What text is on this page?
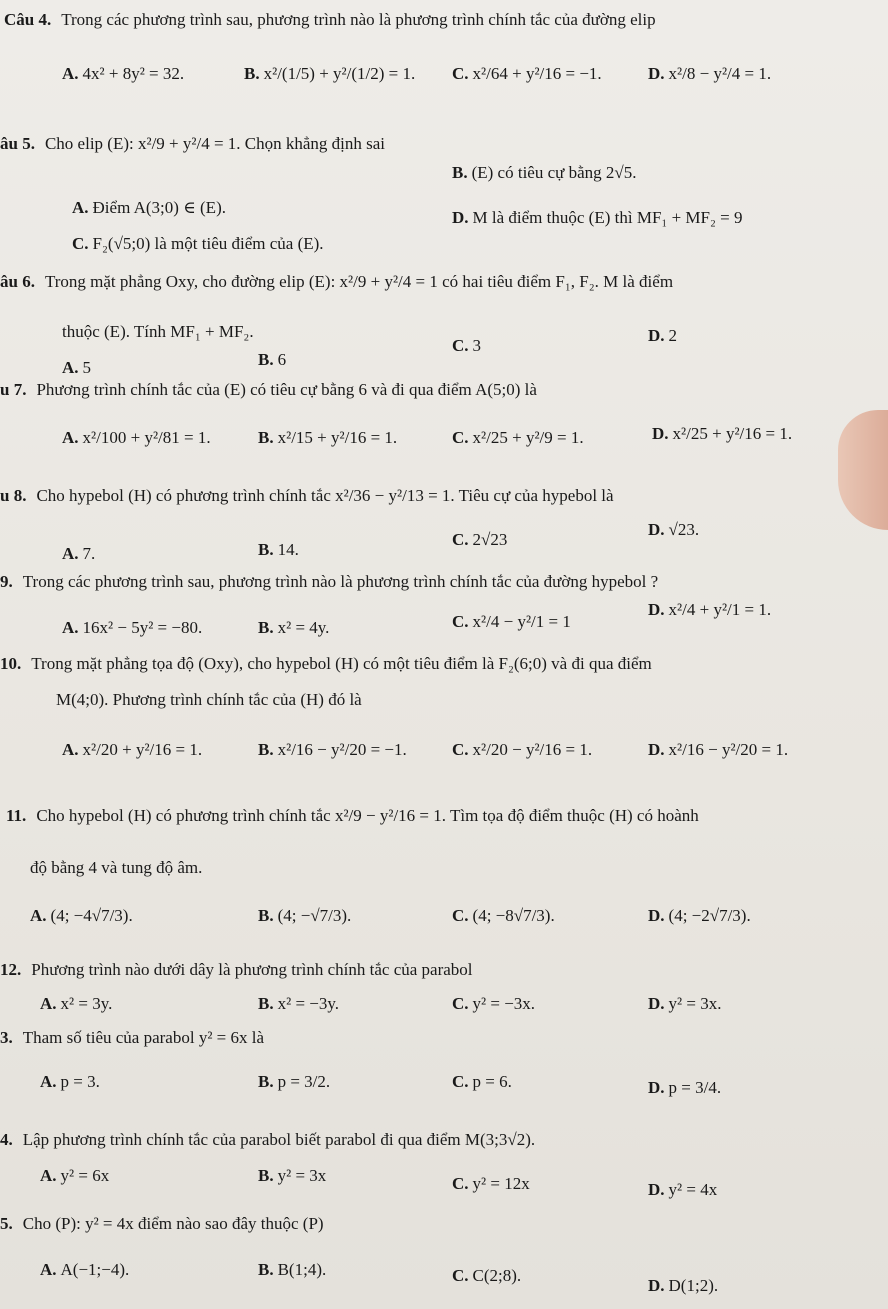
Câu 4. Trong các phương trình sau, phương trình nào là phương trình chính tắc của đường elip
A. 4x² + 8y² = 32.	B. x²/(1/5) + y²/(1/2) = 1. C. x²/64 + y²/16 = −1.	D. x²/8 − y²/4 = 1.
âu 5. Cho elip (E): x²/9 + y²/4 = 1. Chọn khẳng định sai
B. (E) có tiêu cự bằng 2√5.
A. Điểm A(3;0) ∈ (E).
D. M là điểm thuộc (E) thì MF₁ + MF₂ = 9
C. F₂(√5;0) là một tiêu điểm của (E).
âu 6. Trong mặt phẳng Oxy, cho đường elip (E): x²/9 + y²/4 = 1 có hai tiêu điểm F₁, F₂. M là điểm
thuộc (E). Tính MF₁ + MF₂.
A. 5	B. 6
C. 3
D. 2
u 7. Phương trình chính tắc của (E) có tiêu cự bằng 6 và đi qua điểm A(5;0) là
A. x²/100 + y²/81 = 1.	B. x²/15 + y²/16 = 1.	C. x²/25 + y²/9 = 1.	D. x²/25 + y²/16 = 1.
u 8. Cho hypebol (H) có phương trình chính tắc x²/36 − y²/13 = 1. Tiêu cự của hypebol là
A. 7.	B. 14.
C. 2√23
D. √23.
9. Trong các phương trình sau, phương trình nào là phương trình chính tắc của đường hypebol ?
A. 16x² − 5y² = −80.	B. x² = 4y.	C. x²/4 − y²/1 = 1
D. x²/4 + y²/1 = 1.
10. Trong mặt phẳng tọa độ (Oxy), cho hypebol (H) có một tiêu điểm là F₂(6;0) và đi qua điểm
M(4;0). Phương trình chính tắc của (H) đó là
A. x²/20 + y²/16 = 1.	B. x²/16 − y²/20 = −1.	C. x²/20 − y²/16 = 1.	D. x²/16 − y²/20 = 1.
11. Cho hypebol (H) có phương trình chính tắc x²/9 − y²/16 = 1. Tìm tọa độ điểm thuộc (H) có hoành
độ bằng 4 và tung độ âm.
A. (4; −4√7/3).	B. (4; −√7/3).	C. (4; −8√7/3).	D. (4; −2√7/3).
12. Phương trình nào dưới dây là phương trình chính tắc của parabol
A. x² = 3y.	B. x² = −3y.	C. y² = −3x.	D. y² = 3x.
3. Tham số tiêu của parabol y² = 6x là
A. p = 3.	B. p = 3/2.	C. p = 6.	D. p = 3/4.
4. Lập phương trình chính tắc của parabol biết parabol đi qua điểm M(3;3√2).
A. y² = 6x	B. y² = 3x	C. y² = 12x	D. y² = 4x
5. Cho (P): y² = 4x điểm nào sao đây thuộc (P)
A. A(−1;−4).	B. B(1;4).	C. C(2;8).
D. D(1;2).
